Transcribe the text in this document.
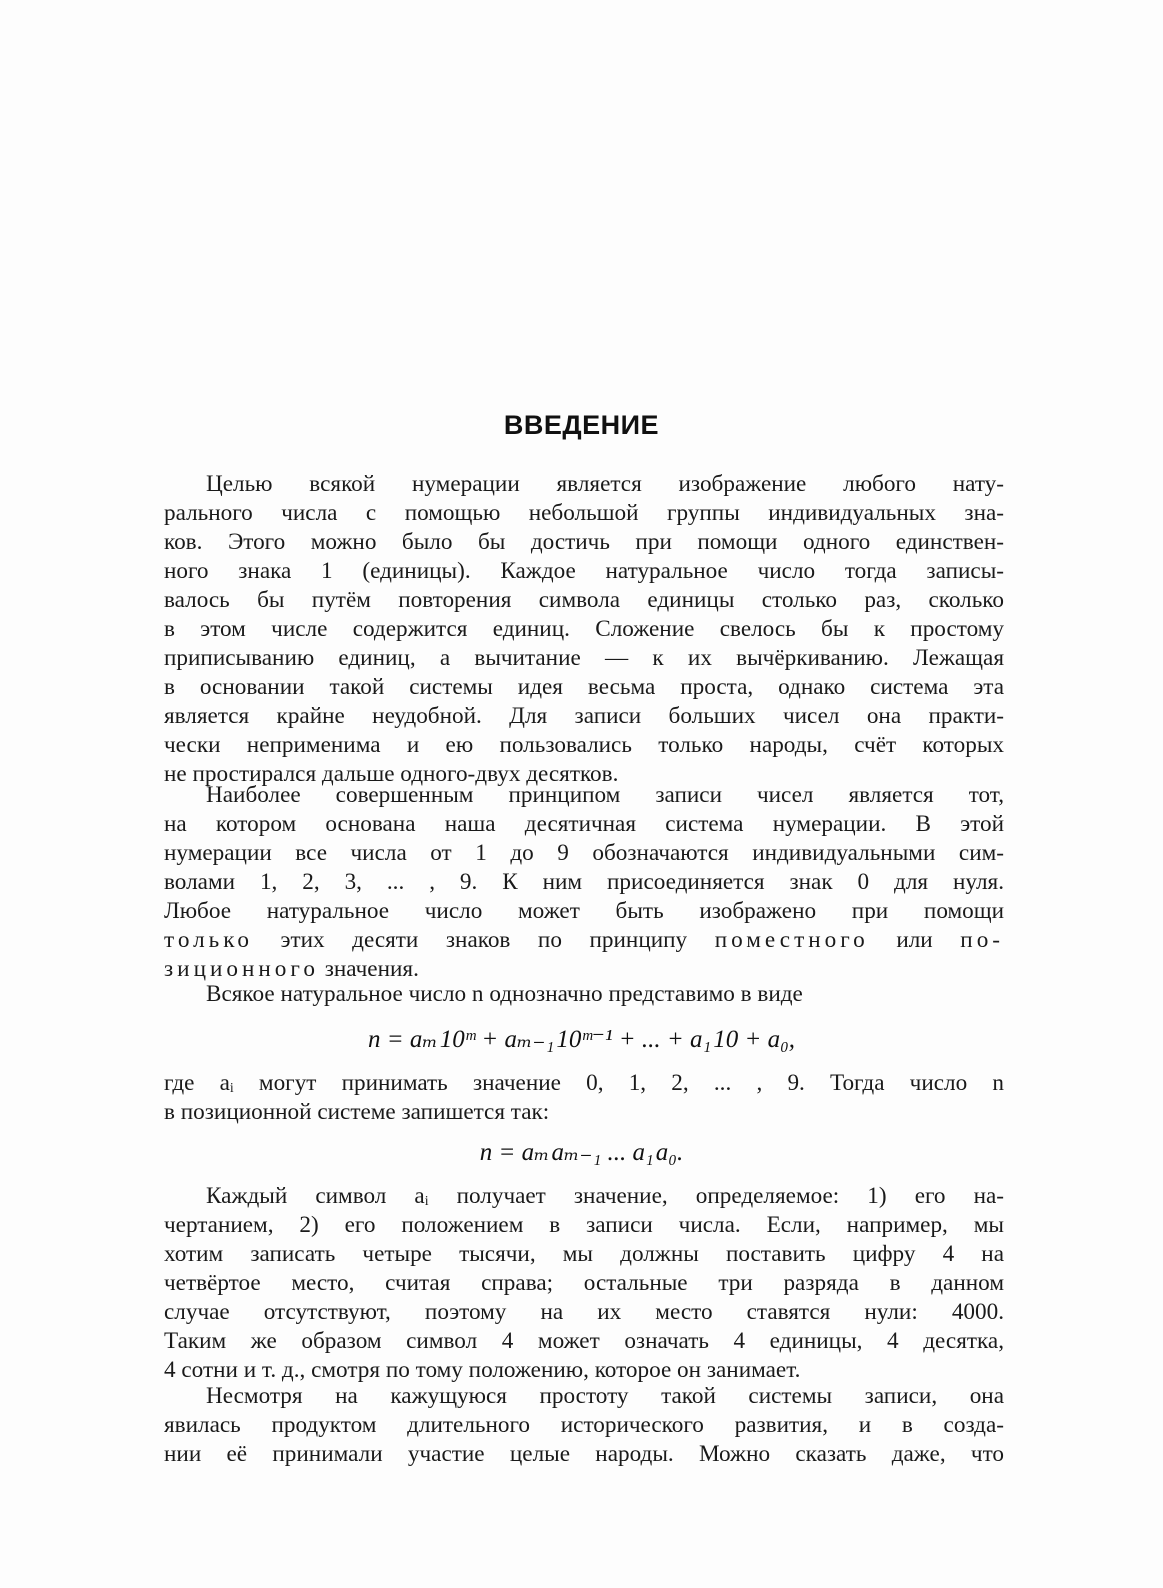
ВВЕДЕНИЕ
Целью всякой нумерации является изображение любого нату-
рального числа с помощью небольшой группы индивидуальных зна-
ков. Этого можно было бы достичь при помощи одного единствен-
ного знака 1 (единицы). Каждое натуральное число тогда записы-
валось бы путём повторения символа единицы столько раз, сколько
в этом числе содержится единиц. Сложение свелось бы к простому
приписыванию единиц, а вычитание — к их вычёркиванию. Лежащая
в основании такой системы идея весьма проста, однако система эта
является крайне неудобной. Для записи больших чисел она практи-
чески неприменима и ею пользовались только народы, счёт которых
не простирался дальше одного-двух десятков.
Наиболее совершенным принципом записи чисел является тот,
на котором основана наша десятичная система нумерации. В этой
нумерации все числа от 1 до 9 обозначаются индивидуальными сим-
волами 1, 2, 3, ... , 9. К ним присоединяется знак 0 для нуля.
Любое натуральное число может быть изображено при помощи
только этих десяти знаков по принципу поместного или по-
зиционного значения.
Всякое натуральное число n однозначно представимо в виде
n = aₘ 10ᵐ + aₘ₋₁ 10ᵐ⁻¹ + ... + a₁ 10 + a₀,
где aᵢ могут принимать значение 0, 1, 2, ... , 9. Тогда число n
в позиционной системе запишется так:
n = aₘ aₘ₋₁ ... a₁ a₀.
Каждый символ aᵢ получает значение, определяемое: 1) его на-
чертанием, 2) его положением в записи числа. Если, например, мы
хотим записать четыре тысячи, мы должны поставить цифру 4 на
четвёртое место, считая справа; остальные три разряда в данном
случае отсутствуют, поэтому на их место ставятся нули: 4000.
Таким же образом символ 4 может означать 4 единицы, 4 десятка,
4 сотни и т. д., смотря по тому положению, которое он занимает.
Несмотря на кажущуюся простоту такой системы записи, она
явилась продуктом длительного исторического развития, и в созда-
нии её принимали участие целые народы. Можно сказать даже, что
